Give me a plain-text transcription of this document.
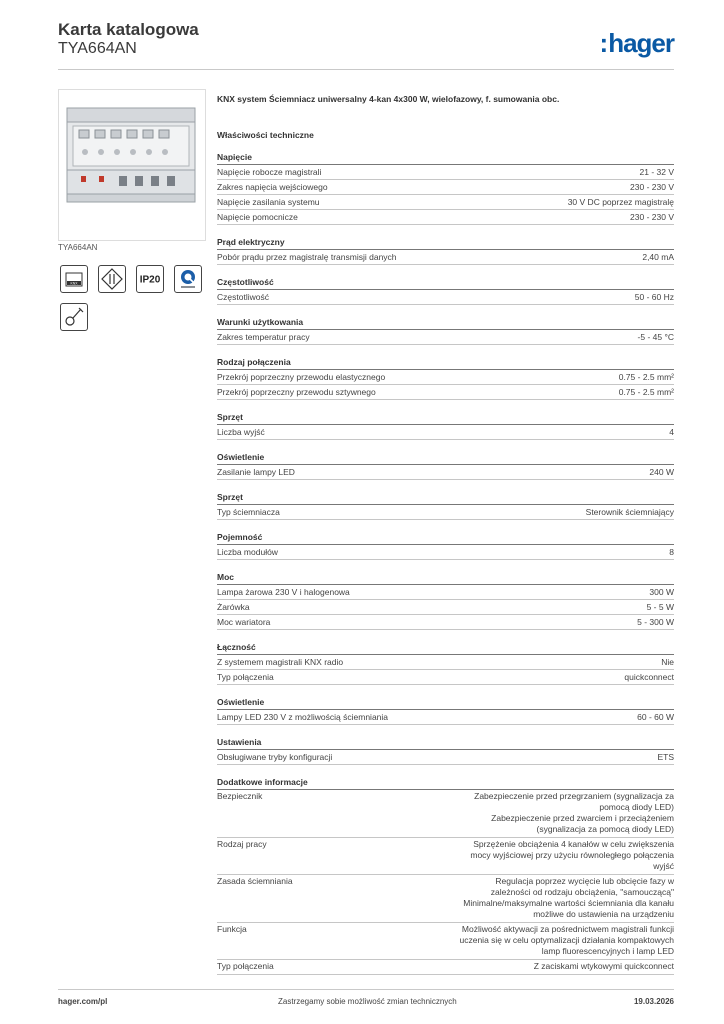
Karta katalogowa
TYA664AN	:hager
TYA664AN
KNX	IP20
KNX system Ściemniacz uniwersalny 4-kan 4x300 W, wielofazowy, f. sumowania obc.
Właściwości techniczne
Napięcie
Napięcie robocze magistrali	21 - 32 V
Zakres napięcia wejściowego	230 - 230 V
Napięcie zasilania systemu	30 V DC poprzez magistralę
Napięcie pomocnicze	230 - 230 V
Prąd elektryczny
Pobór prądu przez magistralę transmisji danych	2,40 mA
Częstotliwość
Częstotliwość	50 - 60 Hz
Warunki użytkowania
Zakres temperatur pracy	-5 - 45 °C
Rodzaj połączenia
Przekrój poprzeczny przewodu elastycznego	0.75 - 2.5 mm²
Przekrój poprzeczny przewodu sztywnego	0.75 - 2.5 mm²
Sprzęt
Liczba wyjść	4
Oświetlenie
Zasilanie lampy LED	240 W
Sprzęt
Typ ściemniacza	Sterownik ściemniający
Pojemność
Liczba modułów	8
Moc
Lampa żarowa 230 V i halogenowa	300 W
Żarówka	5 - 5 W
Moc wariatora	5 - 300 W
Łączność
Z systemem magistrali KNX radio	Nie
Typ połączenia	quickconnect
Oświetlenie
Lampy LED 230 V z możliwością ściemniania	60 - 60 W
Ustawienia
Obsługiwane tryby konfiguracji	ETS
Dodatkowe informacje
Bezpiecznik	Zabezpieczenie przed przegrzaniem (sygnalizacja za
pomocą diody LED)
Zabezpieczenie przed zwarciem i przeciążeniem
(sygnalizacja za pomocą diody LED)
Rodzaj pracy	Sprzężenie obciążenia 4 kanałów w celu zwiększenia
mocy wyjściowej przy użyciu równoległego połączenia
wyjść
Zasada ściemniania	Regulacja poprzez wycięcie lub obcięcie fazy w
zależności od rodzaju obciążenia, "samouczącą"
Minimalne/maksymalne wartości ściemniania dla kanału
możliwe do ustawienia na urządzeniu
Funkcja	Możliwość aktywacji za pośrednictwem magistrali funkcji
uczenia się w celu optymalizacji działania kompaktowych
lamp fluorescencyjnych i lamp LED
Typ połączenia	Z zaciskami wtykowymi quickconnect
hager.com/pl	Zastrzegamy sobie możliwość zmian technicznych	19.03.2026
